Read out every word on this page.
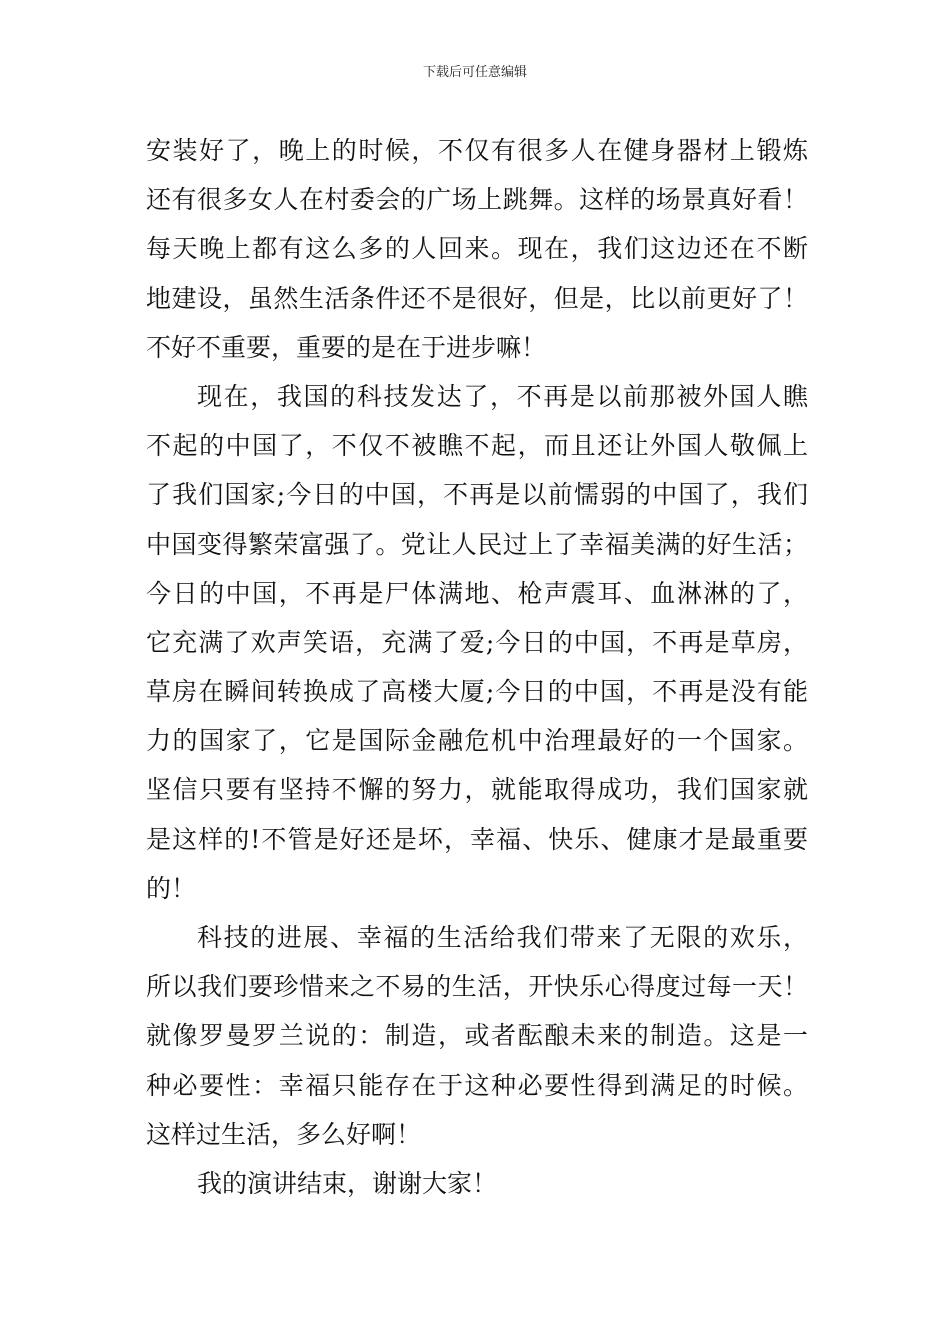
下载后可任意编辑
安装好了，晚上的时候，不仅有很多人在健身器材上锻炼
还有很多女人在村委会的广场上跳舞。这样的场景真好看！
每天晚上都有这么多的人回来。现在，我们这边还在不断
地建设，虽然生活条件还不是很好，但是，比以前更好了！
不好不重要，重要的是在于进步嘛！
现在，我国的科技发达了，不再是以前那被外国人瞧
不起的中国了，不仅不被瞧不起，而且还让外国人敬佩上
了我们国家;今日的中国，不再是以前懦弱的中国了，我们
中国变得繁荣富强了。党让人民过上了幸福美满的好生活；
今日的中国，不再是尸体满地、枪声震耳、血淋淋的了，
它充满了欢声笑语，充满了爱;今日的中国，不再是草房，
草房在瞬间转换成了高楼大厦;今日的中国，不再是没有能
力的国家了，它是国际金融危机中治理最好的一个国家。
坚信只要有坚持不懈的努力，就能取得成功，我们国家就
是这样的!不管是好还是坏，幸福、快乐、健康才是最重要
的！
科技的进展、幸福的生活给我们带来了无限的欢乐，
所以我们要珍惜来之不易的生活，开快乐心得度过每一天！
就像罗曼罗兰说的：制造，或者酝酿未来的制造。这是一
种必要性：幸福只能存在于这种必要性得到满足的时候。
这样过生活，多么好啊！
我的演讲结束，谢谢大家！
